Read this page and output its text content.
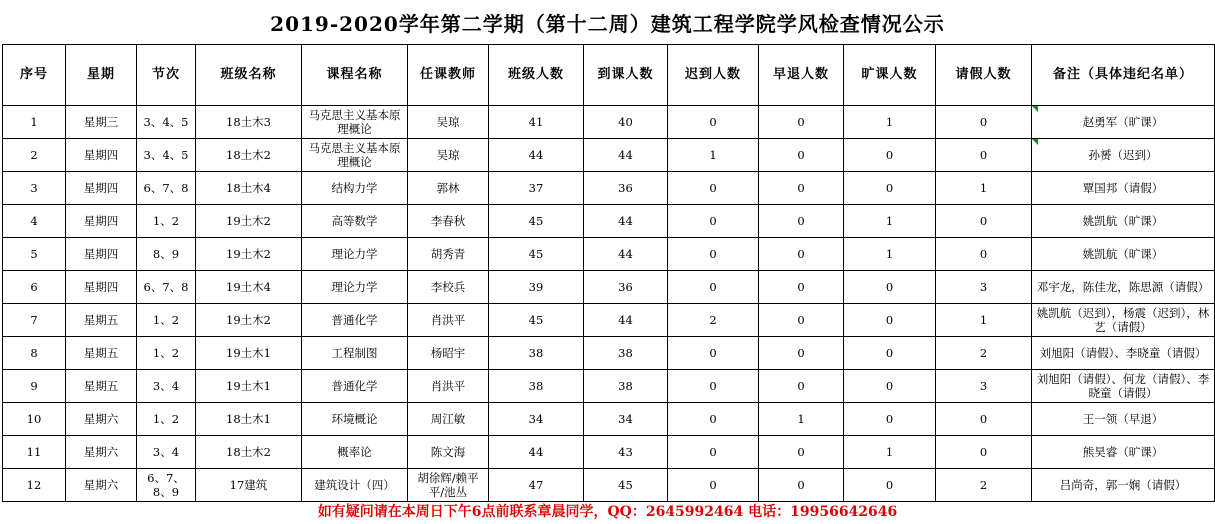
2019-2020学年第二学期（第十二周）建筑工程学院学风检查情况公示
序号	星期	节次	班级名称	课程名称	任课教师	班级人数	到课人数	迟到人数	早退人数	旷课人数	请假人数	备注（具体违纪名单）
1	星期三	3、4、5	18土木3	马克思主义基本原理概论	吴琼	41	40	0	0	1	0	赵勇军（旷课）

2	星期四	3、4、5	18土木2	马克思主义基本原理概论	吴琼	44	44	1	0	0	0	孙赟（迟到）

3	星期四	6、7、8	18土木4	结构力学	郭林	37	36	0	0	0	1	覃国邦（请假）
4	星期四	1、2	19土木2	高等数学	李春秋	45	44	0	0	1	0	姚凯航（旷课）
5	星期四	8、9	19土木2	理论力学	胡秀青	45	44	0	0	1	0	姚凯航（旷课）
6	星期四	6、7、8	19土木4	理论力学	李校兵	39	36	0	0	0	3	邓宇龙，陈佳龙，陈思源（请假）
7	星期五	1、2	19土木2	普通化学	肖洪平	45	44	2	0	0	1	姚凯航（迟到），杨震（迟到），林艺（请假）
8	星期五	1、2	19土木1	工程制图	杨昭宇	38	38	0	0	0	2	刘旭阳（请假）、李晓童（请假）
9	星期五	3、4	19土木1	普通化学	肖洪平	38	38	0	0	0	3	刘旭阳（请假）、何龙（请假）、李晓童（请假）
10	星期六	1、2	18土木1	环境概论	周江敏	34	34	0	1	0	0	王一领（早退）
11	星期六	3、4	18土木2	概率论	陈文海	44	43	0	0	1	0	熊昊睿（旷课）
12	星期六	6、7、8、9	17建筑	建筑设计（四）	胡徐辉/赖平平/池丛	47	45	0	0	0	2	吕尚奇，郭一娴（请假）
如有疑问请在本周日下午6点前联系章晨同学，QQ：2645992464 电话：19956642646
